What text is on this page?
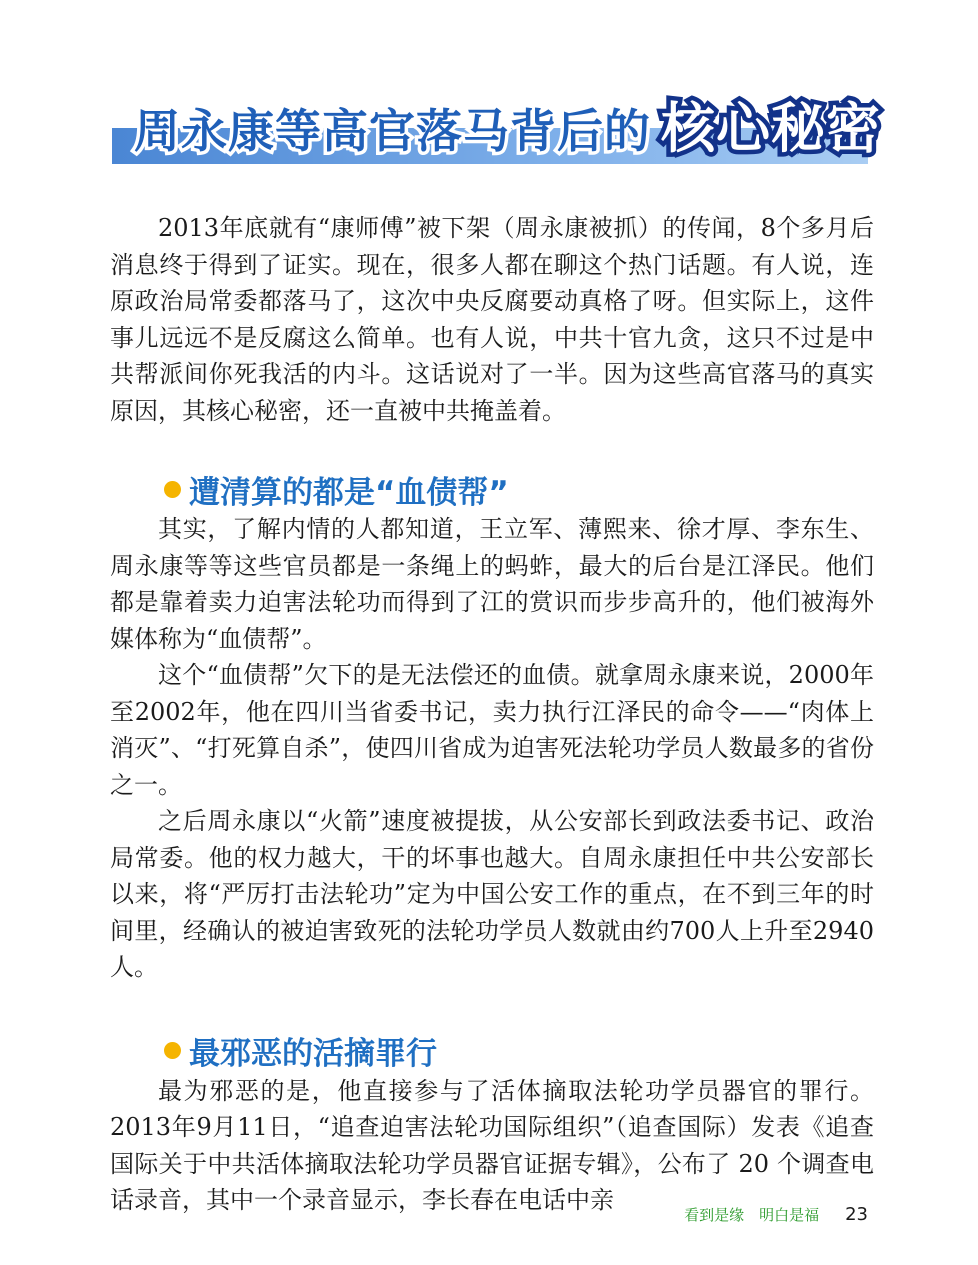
周永康等高官落马背后的 核心秘密

2013年底就有“康师傅”被下架（周永康被抓）的传闻，8个多月后消息终于得到了证实。现在，很多人都在聊这个热门话题。有人说，连原政治局常委都落马了，这次中央反腐要动真格了呀。但实际上，这件事儿远远不是反腐这么简单。也有人说，中共十官九贪，这只不过是中共帮派间你死我活的内斗。这话说对了一半。因为这些高官落马的真实原因，其核心秘密，还一直被中共掩盖着。

遭清算的都是“血债帮”

其实，了解内情的人都知道，王立军、薄熙来、徐才厚、李东生、周永康等等这些官员都是一条绳上的蚂蚱，最大的后台是江泽民。他们都是靠着卖力迫害法轮功而得到了江的赏识而步步高升的，他们被海外媒体称为“血债帮”。

这个“血债帮”欠下的是无法偿还的血债。就拿周永康来说，2000年至2002年，他在四川当省委书记，卖力执行江泽民的命令——“肉体上消灭”、“打死算自杀”，使四川省成为迫害死法轮功学员人数最多的省份之一。

之后周永康以“火箭”速度被提拔，从公安部长到政法委书记、政治局常委。他的权力越大，干的坏事也越大。自周永康担任中共公安部长以来，将“严厉打击法轮功”定为中国公安工作的重点，在不到三年的时间里，经确认的被迫害致死的法轮功学员人数就由约700人上升至2940人。

最邪恶的活摘罪行

最为邪恶的是，他直接参与了活体摘取法轮功学员器官的罪行。2013年9月11日，“追查迫害法轮功国际组织”（追查国际）发表《追查国际关于中共活体摘取法轮功学员器官证据专辑》，公布了 20 个调查电话录音，其中一个录音显示，李长春在电话中亲

看到是缘　明白是福 23
